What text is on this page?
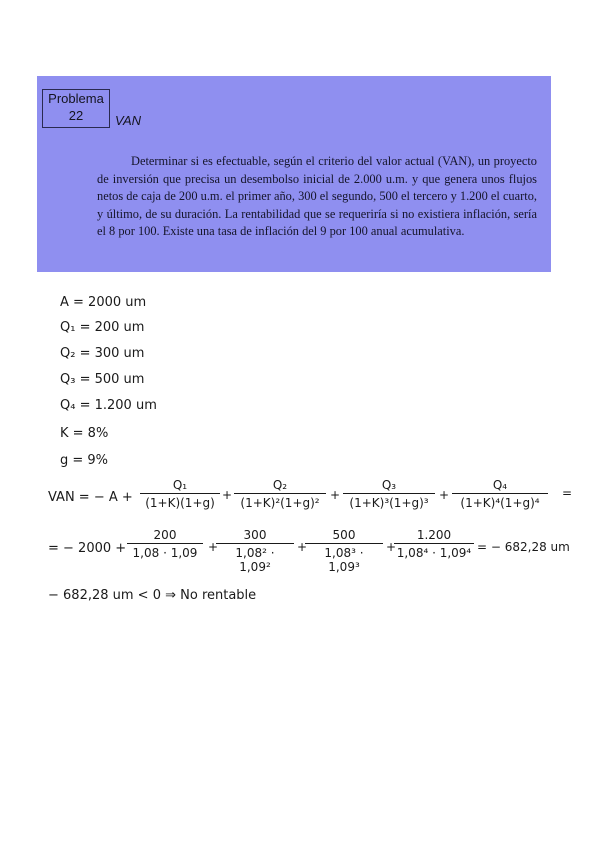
Problema
22	VAN

Determinar si es efectuable, según el criterio del valor actual (VAN), un proyecto de inversión que precisa un desembolso inicial de 2.000 u.m. y que genera unos flujos netos de caja de 200 u.m. el primer año, 300 el segundo, 500 el tercero y 1.200 el cuarto, y último, de su duración. La rentabilidad que se requeriría si no existiera inflación, sería el 8 por 100. Existe una tasa de inflación del 9 por 100 anual acumulativa.

A = 2000 um
Q₁ = 200 um
Q₂ = 300 um
Q₃ = 500 um
Q₄ = 1.200 um
K = 8%
g = 9%
VAN = − $A + \frac{\text{Q₁}}{(1+K)(1+g)} + \frac{\text{Q₂}}{\text{(1+K)²(1+g)²}} + \frac{\text{Q₃}}{\text{(1+K)³(1+g)³}} + \frac{\text{Q₄}}{\text{(1+K)⁴(1+g)⁴}}$ =
= − $2000 + \frac{200}{1,08 \cdot 1,09}$ +
$\frac{300}{\text{1,08² · 1,09²}}$ +
$\frac{500}{\text{1,08³ · 1,09³}}$ +
$\frac{1.200}{\text{1,08⁴ · 1,09⁴}}$ = − 682,28 um
− 682,28 um < 0 ⇒ No rentable
